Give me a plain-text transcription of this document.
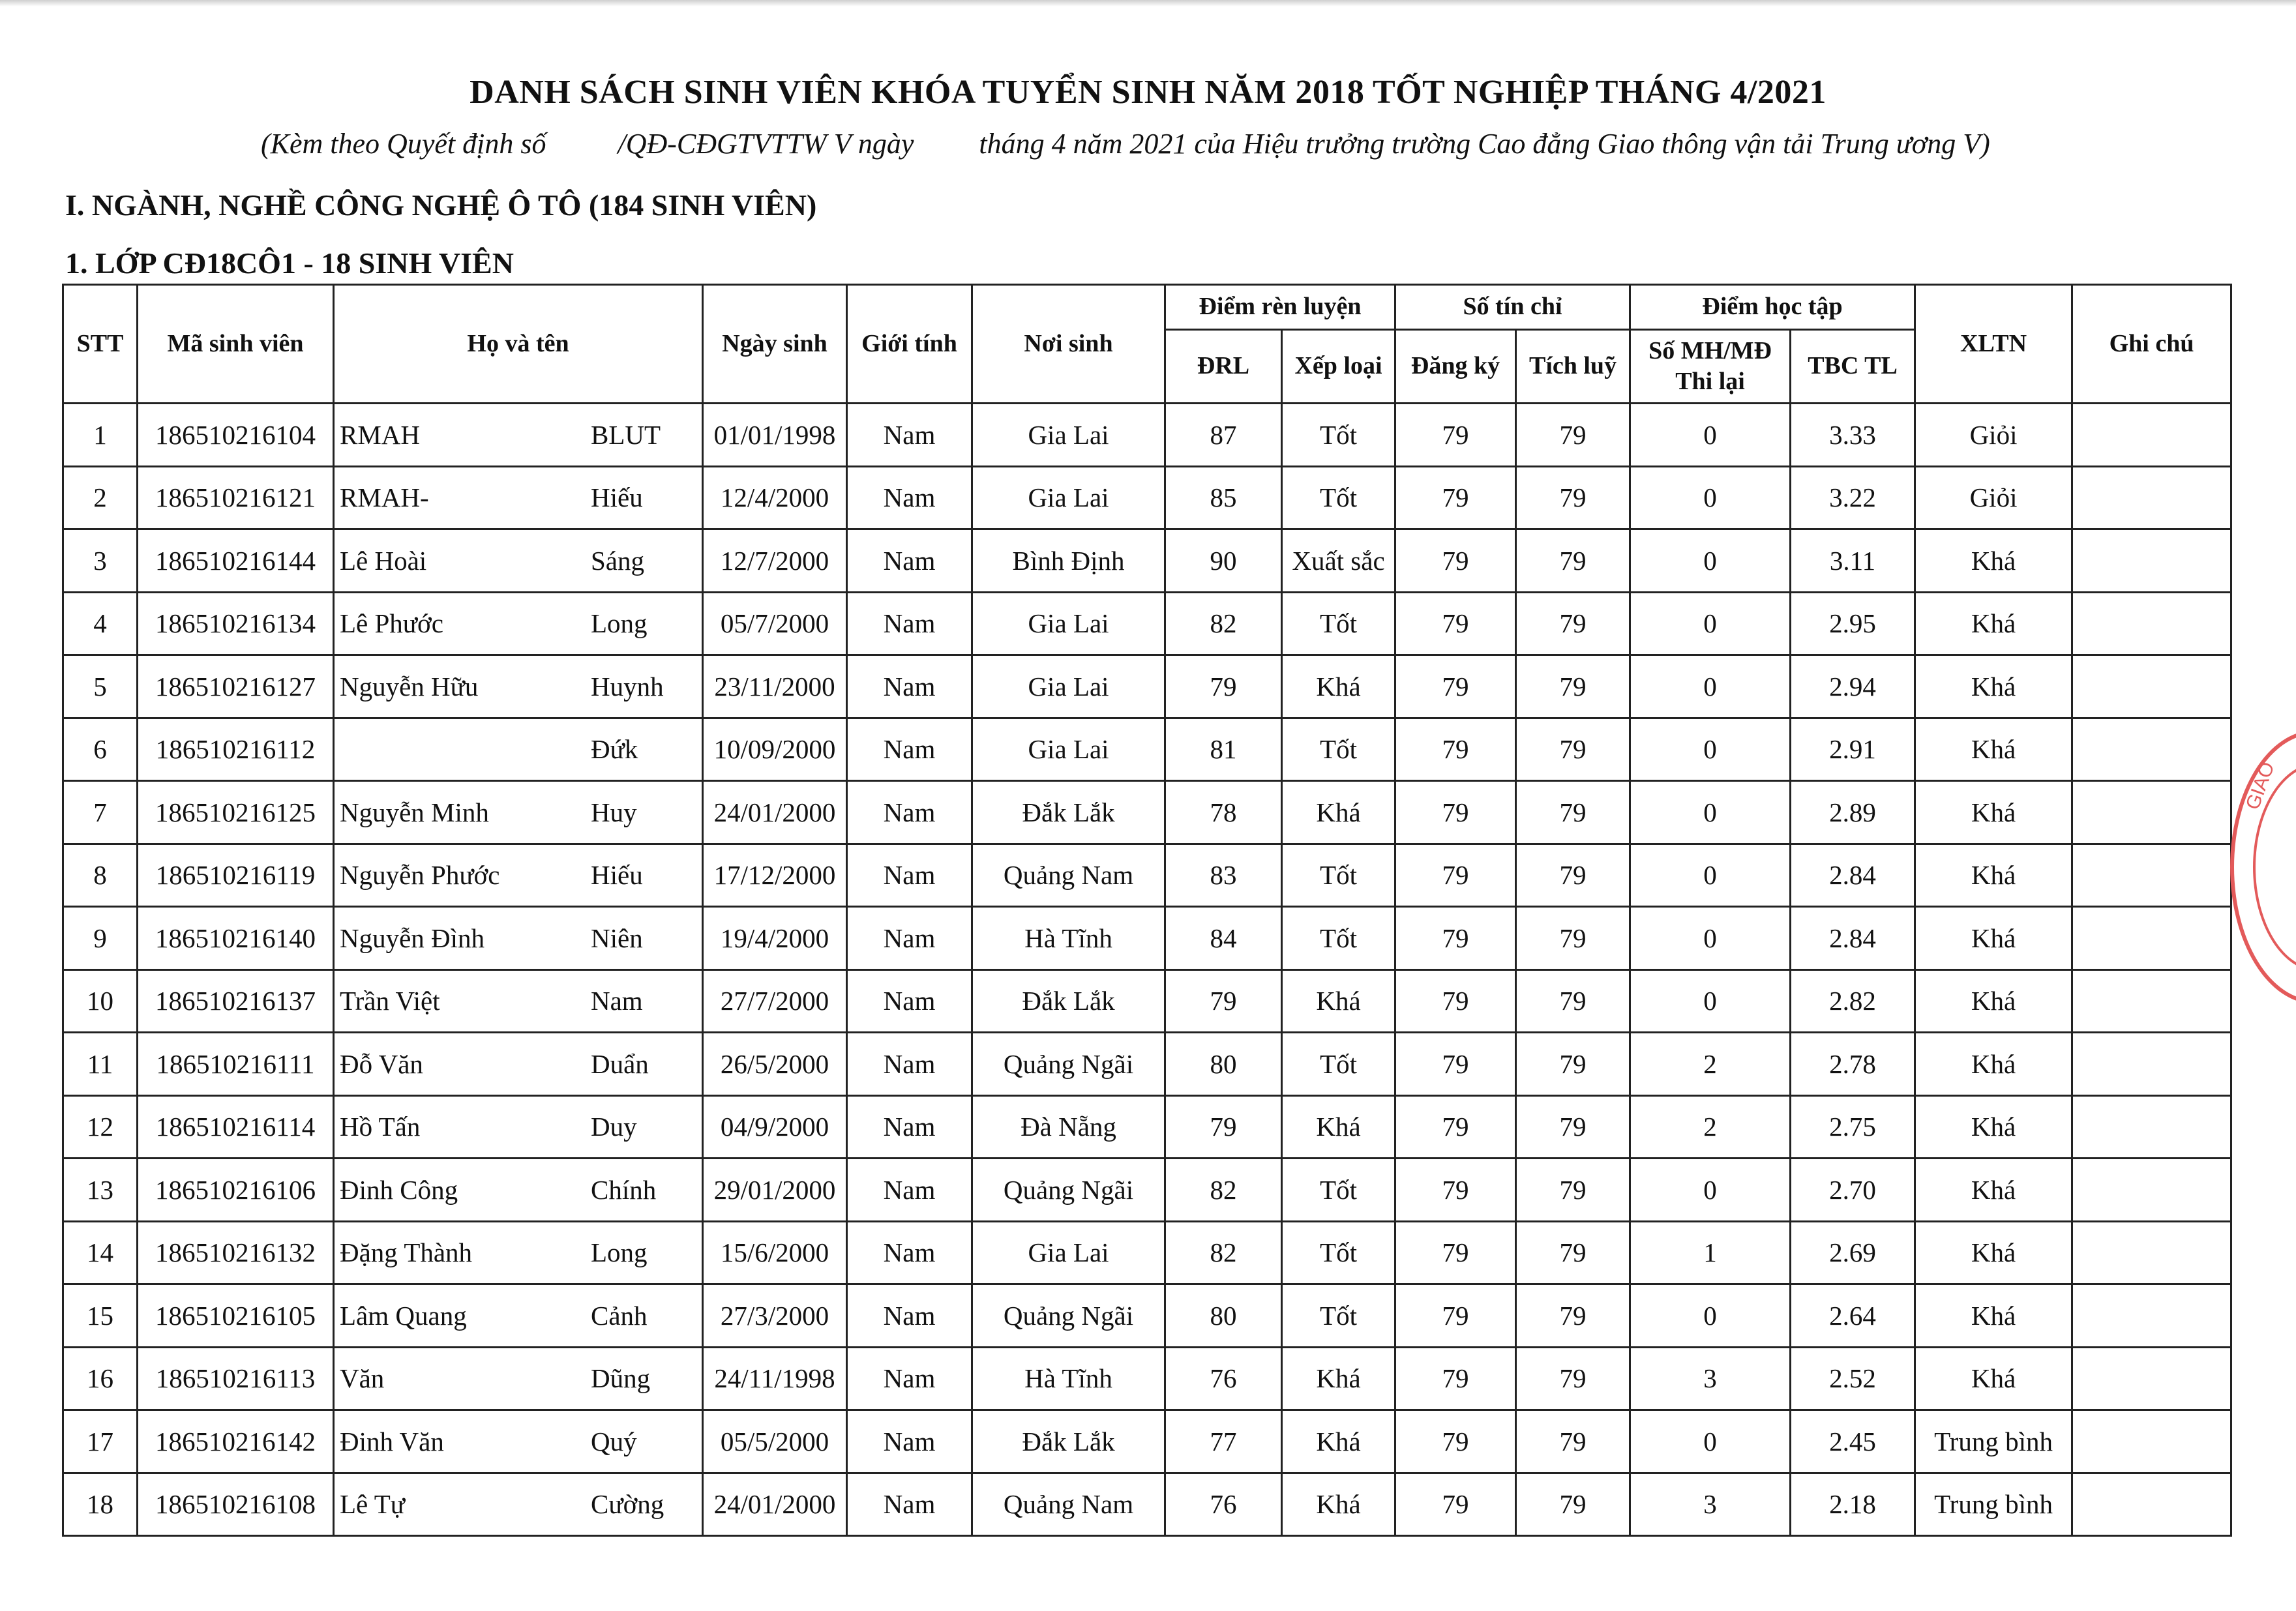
DANH SÁCH SINH VIÊN KHÓA TUYỂN SINH NĂM 2018 TỐT NGHIỆP THÁNG 4/2021
(Kèm theo Quyết định số	/QĐ-CĐGTVTTW V ngày tháng 4 năm 2021 của Hiệu trưởng trường Cao đẳng Giao thông vận tải Trung ương V)
I. NGÀNH, NGHỀ CÔNG NGHỆ Ô TÔ (184 SINH VIÊN)
1. LỚP CĐ18CÔ1 - 18 SINH VIÊN
STT	Mã sinh viên	Họ và tên	Ngày sinh	Giới tính	Nơi sinh	Điểm rèn luyện		Số tín chỉ		Điểm học tập		XLTN	Ghi chú
						ĐRL	Xếp loại	Đăng ký	Tích luỹ	Số MH/MĐ
Thi lại	TBC TL		
1	186510216104	RMAH BLUT	01/01/1998	Nam	Gia Lai	87	Tốt	79	79	0	3.33	Giỏi	
2	186510216121	RMAH- Hiếu	12/4/2000	Nam	Gia Lai	85	Tốt	79	79	0	3.22	Giỏi	
3	186510216144	Lê Hoài Sáng	12/7/2000	Nam	Bình Định	90	Xuất sắc	79	79	0	3.11	Khá	
4	186510216134	Lê Phước Long	05/7/2000	Nam	Gia Lai	82	Tốt	79	79	0	2.95	Khá	
5	186510216127	Nguyễn Hữu Huynh	23/11/2000	Nam	Gia Lai	79	Khá	79	79	0	2.94	Khá	
6	186510216112	Đứk	10/09/2000	Nam	Gia Lai	81	Tốt	79	79	0	2.91	Khá	
7	186510216125	Nguyễn Minh Huy	24/01/2000	Nam	Đắk Lắk	78	Khá	79	79	0	2.89	Khá	
8	186510216119	Nguyễn Phước Hiếu	17/12/2000	Nam	Quảng Nam	83	Tốt	79	79	0	2.84	Khá	
9	186510216140	Nguyễn Đình Niên	19/4/2000	Nam	Hà Tĩnh	84	Tốt	79	79	0	2.84	Khá	
10	186510216137	Trần Việt Nam	27/7/2000	Nam	Đắk Lắk	79	Khá	79	79	0	2.82	Khá	
11	186510216111	Đỗ Văn Duẩn	26/5/2000	Nam	Quảng Ngãi	80	Tốt	79	79	2	2.78	Khá	
12	186510216114	Hồ Tấn Duy	04/9/2000	Nam	Đà Nẵng	79	Khá	79	79	2	2.75	Khá	
13	186510216106	Đinh Công Chính	29/01/2000	Nam	Quảng Ngãi	82	Tốt	79	79	0	2.70	Khá	
14	186510216132	Đặng Thành Long	15/6/2000	Nam	Gia Lai	82	Tốt	79	79	1	2.69	Khá	
15	186510216105	Lâm Quang Cảnh	27/3/2000	Nam	Quảng Ngãi	80	Tốt	79	79	0	2.64	Khá	
16	186510216113	Văn Dũng	24/11/1998	Nam	Hà Tĩnh	76	Khá	79	79	3	2.52	Khá	
17	186510216142	Đinh Văn Quý	05/5/2000	Nam	Đắk Lắk	77	Khá	79	79	0	2.45	Trung bình	
18	186510216108	Lê Tự Cường	24/01/2000	Nam	Quảng Nam	76	Khá	79	79	3	2.18	Trung bình	
GIAO
